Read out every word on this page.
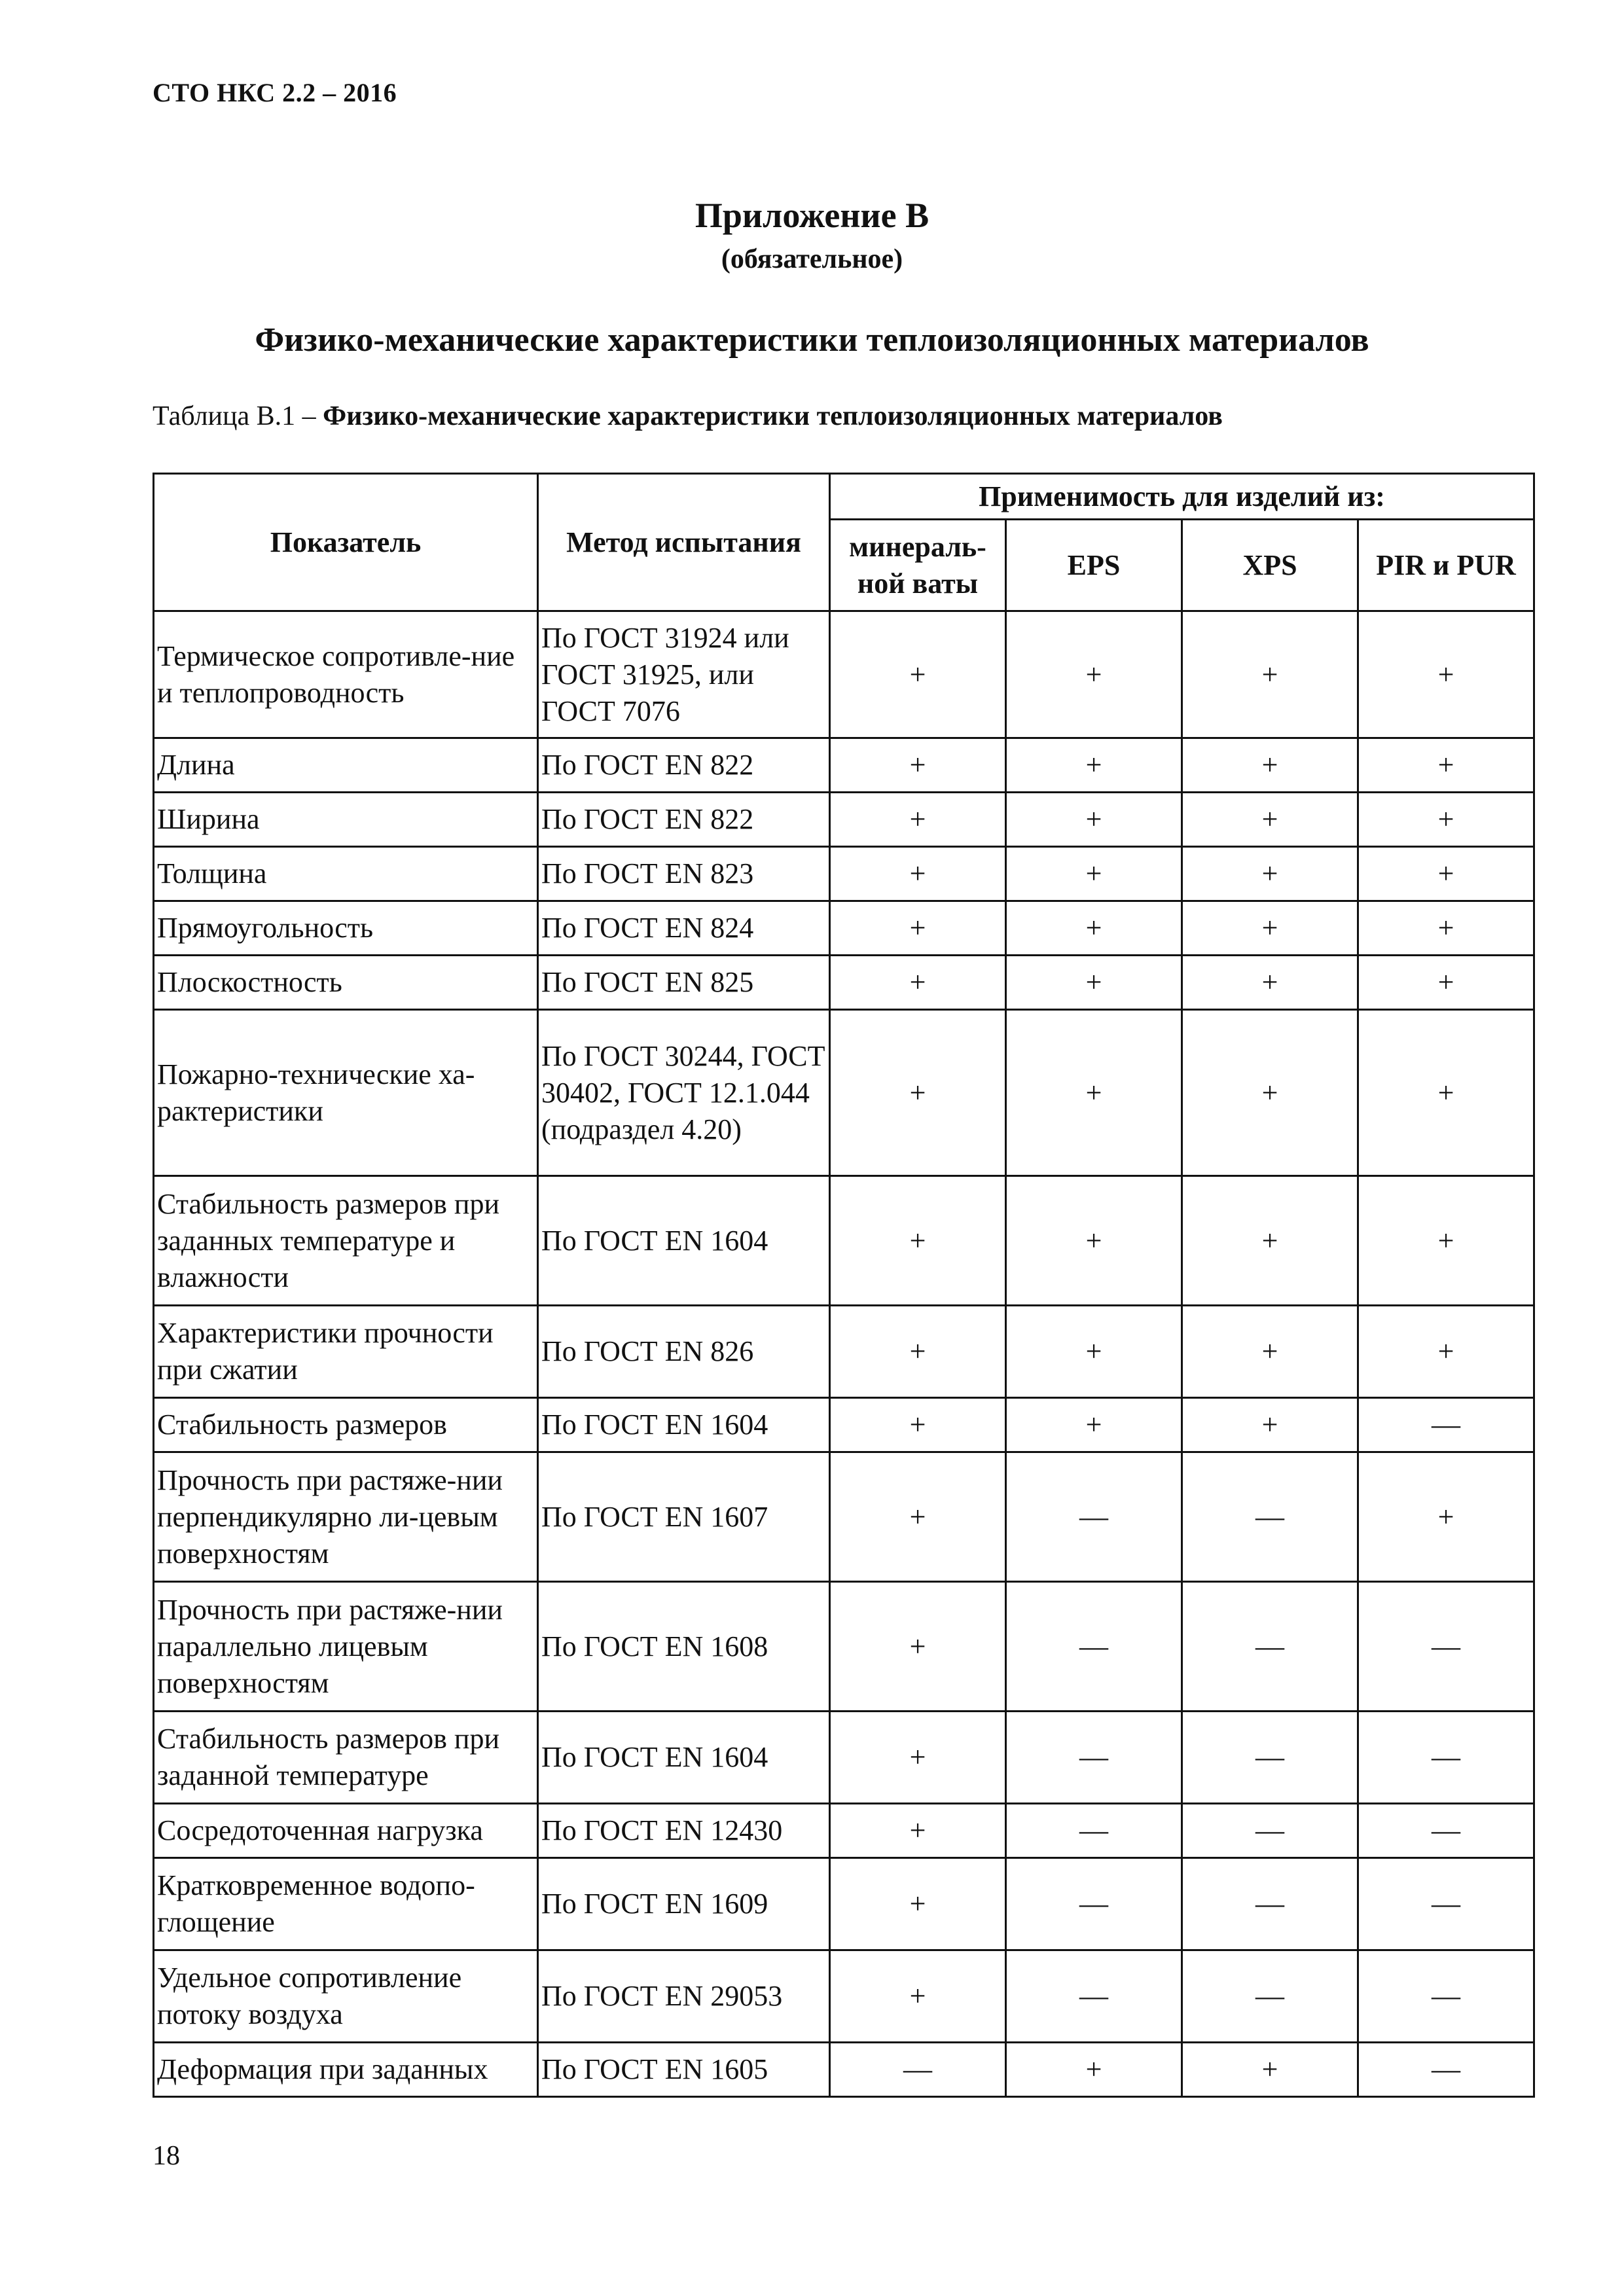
СТО НКС 2.2 – 2016
Приложение В
(обязательное)
Физико-механические характеристики теплоизоляционных материалов
Таблица В.1 – Физико-механические характеристики теплоизоляционных материалов
Показатель	Метод испытания	Применимость для изделий из:			
		минераль-ной ваты	EPS	XPS	PIR и PUR
Термическое сопротивле-ние и теплопроводность	По ГОСТ 31924 или ГОСТ 31925, или ГОСТ 7076	+	+	+	+
Длина	По ГОСТ EN 822	+	+	+	+
Ширина	По ГОСТ EN 822	+	+	+	+
Толщина	По ГОСТ EN 823	+	+	+	+
Прямоугольность	По ГОСТ EN 824	+	+	+	+
Плоскостность	По ГОСТ EN 825	+	+	+	+
Пожарно-технические ха-рактеристики	По ГОСТ 30244, ГОСТ 30402, ГОСТ 12.1.044 (подраздел 4.20)	+	+	+	+
Стабильность размеров при заданных температуре и влажности	По ГОСТ EN 1604	+	+	+	+
Характеристики прочности при сжатии	По ГОСТ EN 826	+	+	+	+
Стабильность размеров	По ГОСТ EN 1604	+	+	+	—
Прочность при растяже-нии перпендикулярно ли-цевым поверхностям	По ГОСТ EN 1607	+	—	—	+
Прочность при растяже-нии параллельно лицевым поверхностям	По ГОСТ EN 1608	+	—	—	—
Стабильность размеров при заданной температуре	По ГОСТ EN 1604	+	—	—	—
Сосредоточенная нагрузка	По ГОСТ EN 12430	+	—	—	—
Кратковременное водопо-глощение	По ГОСТ EN 1609	+	—	—	—
Удельное сопротивление потоку воздуха	По ГОСТ EN 29053	+	—	—	—
Деформация при заданных	По ГОСТ EN 1605	—	+	+	—
18
